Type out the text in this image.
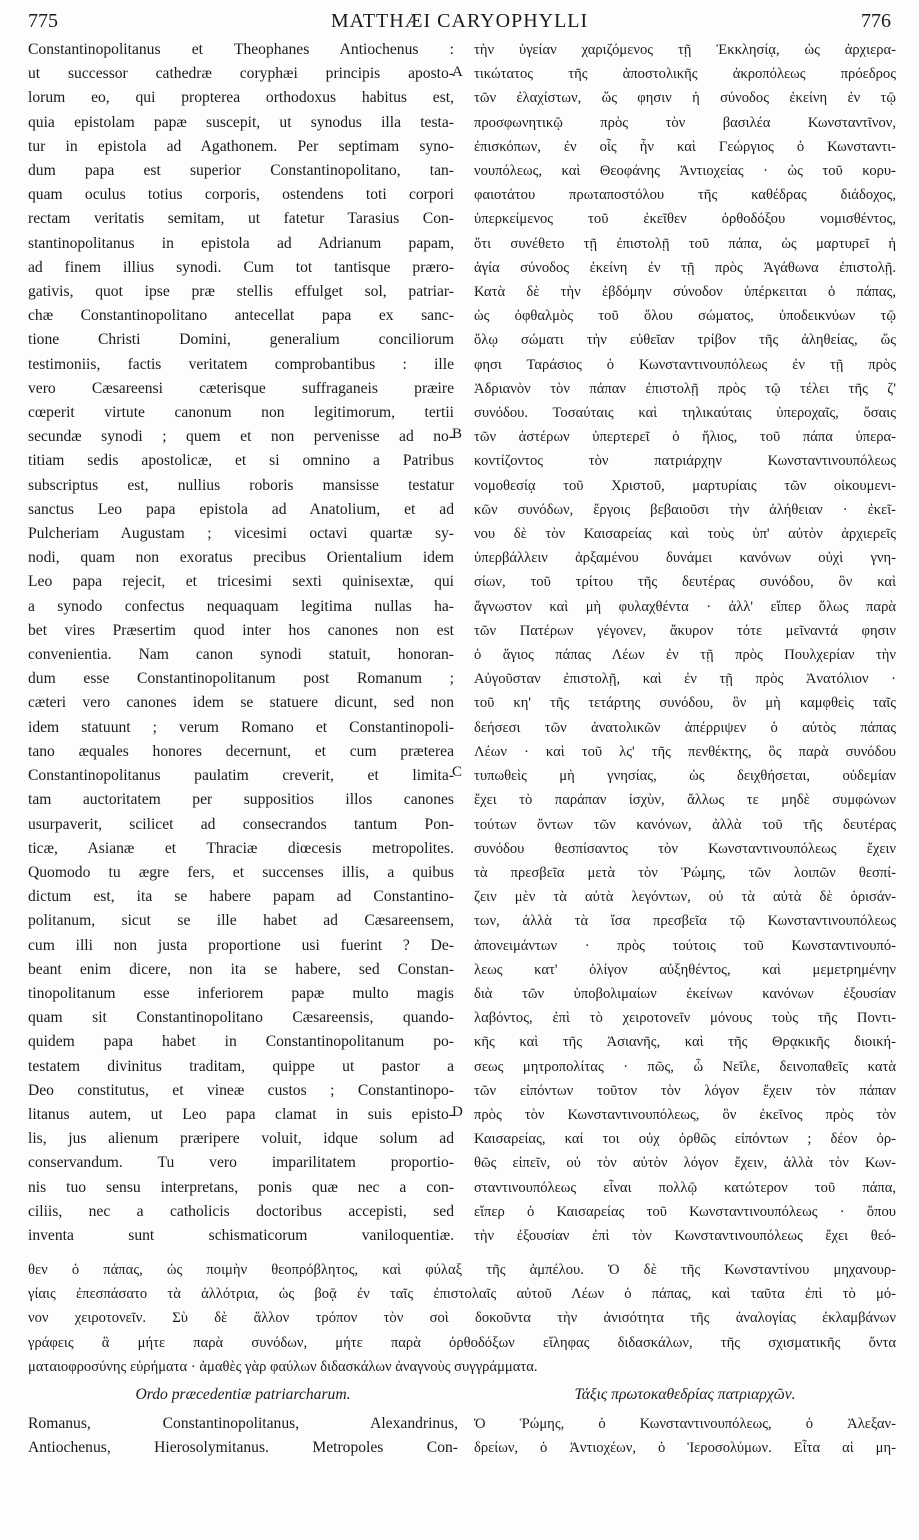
775	MATTHÆI CARYOPHYLLI	776
Constantinopolitanus et Theophanes Antiochenus :
ut successor cathedræ coryphæi principis aposto-
lorum eo, qui propterea orthodoxus habitus est,
quia epistolam papæ suscepit, ut synodus illa testa-
tur in epistola ad Agathonem. Per septimam syno-
dum papa est superior Constantinopolitano, tan-
quam oculus totius corporis, ostendens toti corpori
rectam veritatis semitam, ut fatetur Tarasius Con-
stantinopolitanus in epistola ad Adrianum papam,
ad finem illius synodi. Cum tot tantisque præro-
gativis, quot ipse præ stellis effulget sol, patriar-
chæ Constantinopolitano antecellat papa ex sanc-
tione Christi Domini, generalium conciliorum
testimoniis, factis veritatem comprobantibus : ille
vero Cæsareensi cæterisque suffraganeis præire
cœperit virtute canonum non legitimorum, tertii
secundæ synodi ; quem et non pervenisse ad no-
titiam sedis apostolicæ, et si omnino a Patribus
subscriptus est, nullius roboris mansisse testatur
sanctus Leo papa epistola ad Anatolium, et ad
Pulcheriam Augustam ; vicesimi octavi quartæ sy-
nodi, quam non exoratus precibus Orientalium idem
Leo papa rejecit, et tricesimi sexti quinisextæ, qui
a synodo confectus nequaquam legitima nullas ha-
bet vires Præsertim quod inter hos canones non est
convenientia. Nam canon synodi statuit, honoran-
dum esse Constantinopolitanum post Romanum ;
cæteri vero canones idem se statuere dicunt, sed non
idem statuunt ; verum Romano et Constantinopoli-
tano æquales honores decernunt, et cum præterea
Constantinopolitanus paulatim creverit, et limita-
tam auctoritatem per suppositios illos canones
usurpaverit, scilicet ad consecrandos tantum Pon-
ticæ, Asianæ et Thraciæ diœcesis metropolites.
Quomodo tu ægre fers, et succenses illis, a quibus
dictum est, ita se habere papam ad Constantino-
politanum, sicut se ille habet ad Cæsareensem,
cum illi non justa proportione usi fuerint ? De-
beant enim dicere, non ita se habere, sed Constan-
tinopolitanum esse inferiorem papæ multo magis
quam sit Constantinopolitano Cæsareensis, quando-
quidem papa habet in Constantinopolitanum po-
testatem divinitus traditam, quippe ut pastor a
Deo constitutus, et vineæ custos ; Constantinopo-
litanus autem, ut Leo papa clamat in suis episto-
lis, jus alienum præripere voluit, idque solum ad
conservandum. Tu vero imparilitatem proportio-
nis tuo sensu interpretans, ponis quæ nec a con-
ciliis, nec a catholicis doctoribus accepisti, sed
inventa sunt schismaticorum vaniloquentiæ.
τὴν ὑγείαν χαριζόμενος τῇ Ἐκκλησίᾳ, ὡς ἀρχιερα-
τικώτατος τῆς ἀποστολικῆς ἀκροπόλεως πρόεδρος
τῶν ἐλαχίστων, ὥς φησιν ἡ σύνοδος ἐκείνη ἐν τῷ
προσφωνητικῷ πρὸς τὸν βασιλέα Κωνσταντῖνον,
ἐπισκόπων, ἐν οἷς ἦν καὶ Γεώργιος ὁ Κωνσταντι-
νουπόλεως, καὶ Θεοφάνης Ἀντιοχείας · ὡς τοῦ κορυ-
φαιοτάτου πρωταποστόλου τῆς καθέδρας διάδοχος,
ὑπερκείμενος τοῦ ἐκεῖθεν ὀρθοδόξου νομισθέντος,
ὅτι συνέθετο τῇ ἐπιστολῇ τοῦ πάπα, ὡς μαρτυρεῖ ἡ
ἁγία σύνοδος ἐκείνη ἐν τῇ πρὸς Ἀγάθωνα ἐπιστολῇ.
Κατὰ δὲ τὴν ἑβδόμην σύνοδον ὑπέρκειται ὁ πάπας,
ὡς ὀφθαλμὸς τοῦ ὅλου σώματος, ὑποδεικνύων τῷ
ὅλῳ σώματι τὴν εὐθεῖαν τρίβον τῆς ἀληθείας, ὥς
φησι Ταράσιος ὁ Κωνσταντινουπόλεως ἐν τῇ πρὸς
Ἀδριανὸν τὸν πάπαν ἐπιστολῇ πρὸς τῷ τέλει τῆς ζ'
συνόδου. Τοσαύταις καὶ τηλικαύταις ὑπεροχαῖς, ὅσαις
τῶν ἀστέρων ὑπερτερεῖ ὁ ἥλιος, τοῦ πάπα ὑπερα-
κοντίζοντος τὸν πατριάρχην Κωνσταντινουπόλεως
νομοθεσίᾳ τοῦ Χριστοῦ, μαρτυρίαις τῶν οἰκουμενι-
κῶν συνόδων, ἔργοις βεβαιοῦσι τὴν ἀλήθειαν · ἐκεῖ-
νου δὲ τὸν Καισαρείας καὶ τοὺς ὑπ' αὐτὸν ἀρχιερεῖς
ὑπερβάλλειν ἀρξαμένου δυνάμει κανόνων οὐχὶ γνη-
σίων, τοῦ τρίτου τῆς δευτέρας συνόδου, ὃν καὶ
ἄγνωστον καὶ μὴ φυλαχθέντα · ἀλλ' εἴπερ ὅλως παρὰ
τῶν Πατέρων γέγονεν, ἄκυρον τότε μεῖναντά φησιν
ὁ ἅγιος πάπας Λέων ἐν τῇ πρὸς Πουλχερίαν τὴν
Αὐγοῦσταν ἐπιστολῇ, καὶ ἐν τῇ πρὸς Ἀνατόλιον ·
τοῦ κη' τῆς τετάρτης συνόδου, ὃν μὴ καμφθεὶς ταῖς
δεήσεσι τῶν ἀνατολικῶν ἀπέρριψεν ὁ αὐτὸς πάπας
Λέων · καὶ τοῦ λς' τῆς πενθέκτης, ὃς παρὰ συνόδου
τυπωθεὶς μὴ γνησίας, ὡς δειχθήσεται, οὐδεμίαν
ἔχει τὸ παράπαν ἰσχὺν, ἄλλως τε μηδὲ συμφώνων
τούτων ὄντων τῶν κανόνων, ἀλλὰ τοῦ τῆς δευτέρας
συνόδου θεσπίσαντος τὸν Κωνσταντινουπόλεως ἔχειν
τὰ πρεσβεῖα μετὰ τὸν Ῥώμης, τῶν λοιπῶν θεσπί-
ζειν μὲν τὰ αὐτὰ λεγόντων, οὐ τὰ αὐτὰ δὲ ὁρισάν-
των, ἀλλὰ τὰ ἴσα πρεσβεῖα τῷ Κωνσταντινουπόλεως
ἀπονειμάντων · πρὸς τούτοις τοῦ Κωνσταντινουπό-
λεως κατ' ὀλίγον αὐξηθέντος, καὶ μεμετρημένην
διὰ τῶν ὑποβολιμαίων ἐκείνων κανόνων ἐξουσίαν
λαβόντος, ἐπὶ τὸ χειροτονεῖν μόνους τοὺς τῆς Ποντι-
κῆς καὶ τῆς Ἀσιανῆς, καὶ τῆς Θρᾳκικῆς διοική-
σεως μητροπολίτας · πῶς, ὦ Νεῖλε, δεινοπαθεῖς κατὰ
τῶν εἰπόντων τοῦτον τὸν λόγον ἔχειν τὸν πάπαν
πρὸς τὸν Κωνσταντινουπόλεως, ὃν ἐκεῖνος πρὸς τὸν
Καισαρείας, καί τοι οὐχ ὀρθῶς εἰπόντων ; δέον ὀρ-
θῶς εἰπεῖν, οὐ τὸν αὐτὸν λόγον ἔχειν, ἀλλὰ τὸν Κων-
σταντινουπόλεως εἶναι πολλῷ κατώτερον τοῦ πάπα,
εἴπερ ὁ Καισαρείας τοῦ Κωνσταντινουπόλεως · ὅπου
τὴν ἐξουσίαν ἐπὶ τὸν Κωνσταντινουπόλεως ἔχει θεό-
A
B
C
D
θεν ὁ πάπας, ὡς ποιμὴν θεοπρόβλητος, καὶ φύλαξ τῆς ἀμπέλου. Ὁ δὲ τῆς Κωνσταντίνου μηχανουρ-
γίαις ἐπεσπάσατο τὰ ἀλλότρια, ὡς βοᾷ ἐν ταῖς ἐπιστολαῖς αὐτοῦ Λέων ὁ πάπας, καὶ ταῦτα ἐπὶ τὸ μό-
νον χειροτονεῖν. Σὺ δὲ ἄλλον τρόπον τὸν σοὶ δοκοῦντα τὴν ἀνισότητα τῆς ἀναλογίας ἐκλαμβάνων
γράφεις ἃ μήτε παρὰ συνόδων, μήτε παρὰ ὀρθοδόξων εἴληφας διδασκάλων, τῆς σχισματικῆς ὄντα
ματαιοφροσύνης εὑρήματα · ἀμαθὲς γὰρ φαύλων διδασκάλων ἀναγνοὺς συγγράμματα.
Ordo præcedentiæ patriarcharum.	Τάξις πρωτοκαθεδρίας πατριαρχῶν.
Romanus, Constantinopolitanus, Alexandrinus,
Antiochenus, Hierosolymitanus. Metropoles Con-
Ὁ Ῥώμης, ὁ Κωνσταντινουπόλεως, ὁ Ἀλεξαν-
δρείων, ὁ Ἀντιοχέων, ὁ Ἱεροσολύμων. Εἶτα αἱ μη-
